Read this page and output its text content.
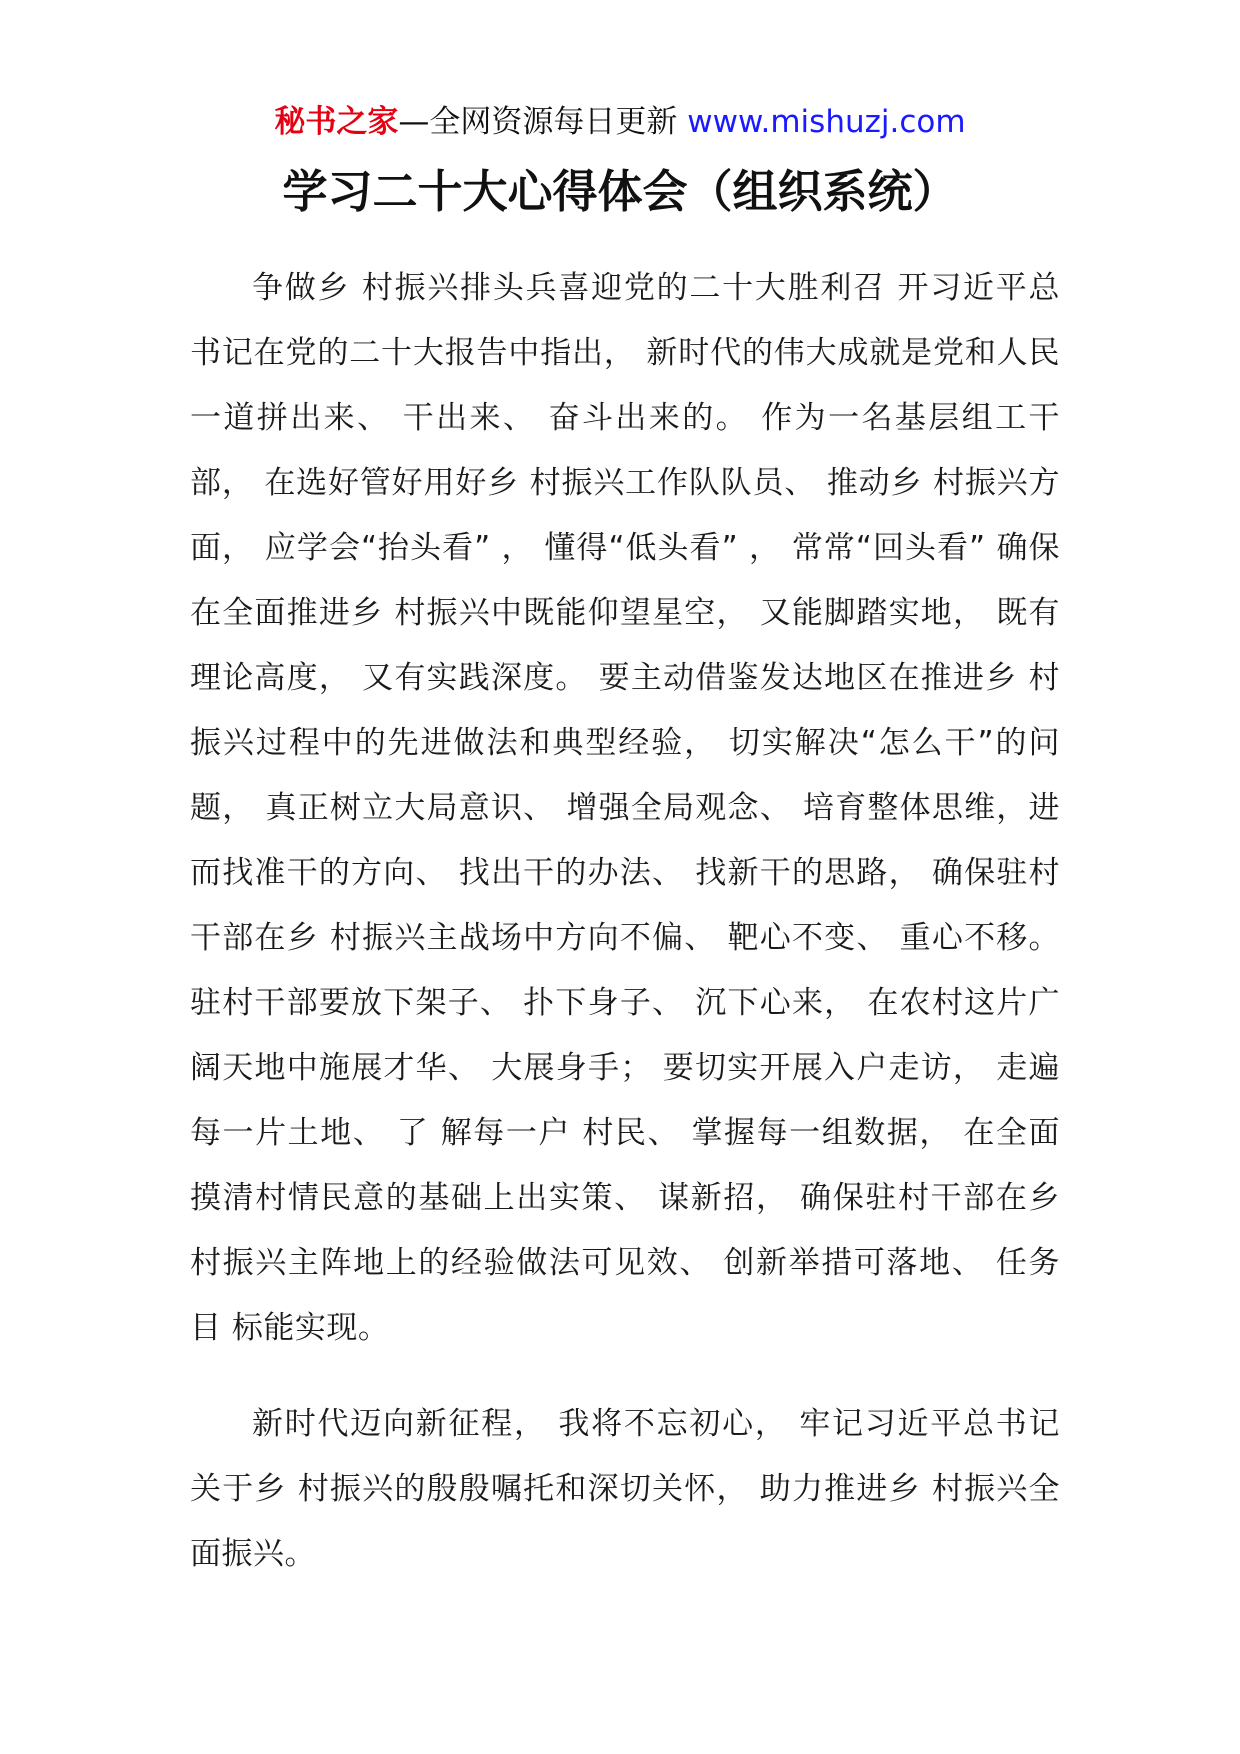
秘书之家—全网资源每日更新 www.mishuzj.com
学习二十大心得体会（组织系统）

争做乡 村振兴排头兵喜迎党的二十大胜利召 开习近平总书记在党的二十大报告中指出， 新时代的伟大成就是党和人民一道拼出来、 干出来、 奋斗出来的。 作为一名基层组工干部， 在选好管好用好乡 村振兴工作队队员、 推动乡 村振兴方面， 应学会“抬头看” ， 懂得“低头看” ， 常常“回头看” 确保在全面推进乡 村振兴中既能仰望星空， 又能脚踏实地， 既有理论高度， 又有实践深度。 要主动借鉴发达地区在推进乡 村振兴过程中的先进做法和典型经验， 切实解决“怎么干”的问题， 真正树立大局意识、 增强全局观念、 培育整体思维，进而找准干的方向、 找出干的办法、 找新干的思路， 确保驻村干部在乡 村振兴主战场中方向不偏、 靶心不变、 重心不移。 驻村干部要放下架子、 扑下身子、 沉下心来， 在农村这片广阔天地中施展才华、 大展身手； 要切实开展入户走访， 走遍每一片土地、 了 解每一户 村民、 掌握每一组数据， 在全面摸清村情民意的基础上出实策、 谋新招， 确保驻村干部在乡 村振兴主阵地上的经验做法可见效、 创新举措可落地、 任务目 标能实现。

新时代迈向新征程， 我将不忘初心， 牢记习近平总书记关于乡 村振兴的殷殷嘱托和深切关怀， 助力推进乡 村振兴全面振兴。
